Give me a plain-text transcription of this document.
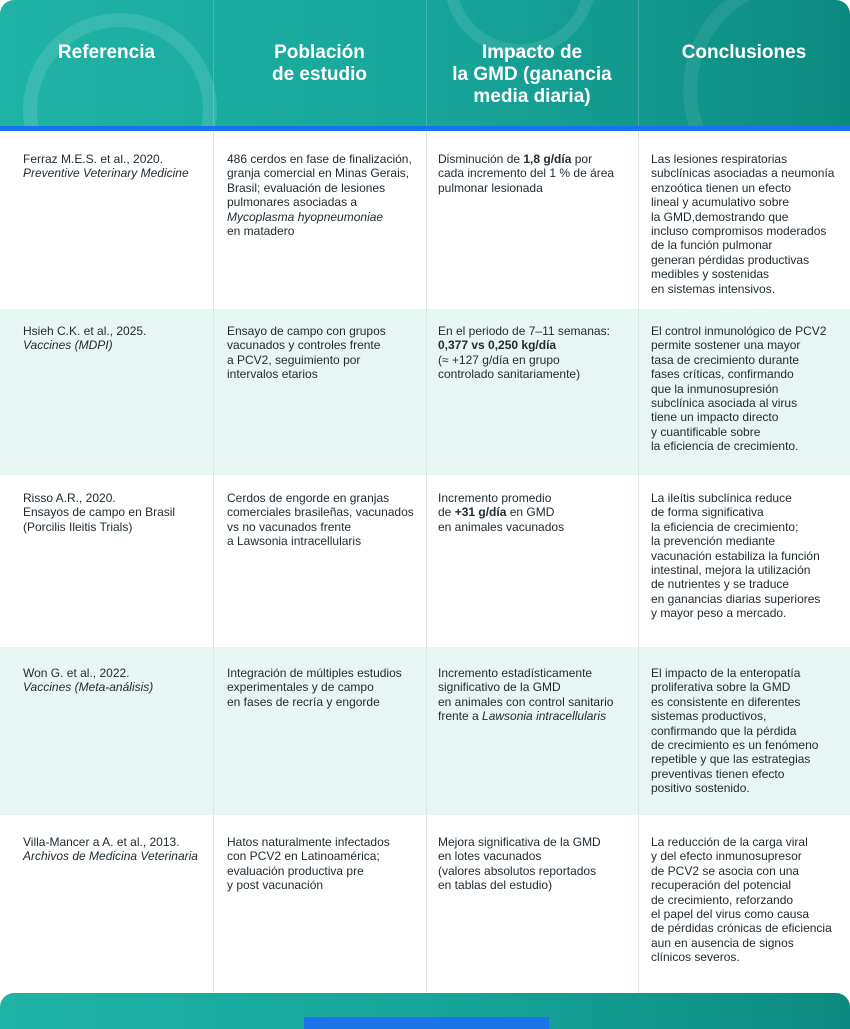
Referencia	Población
de estudio
Impacto de
la GMD (ganancia
media diaria)
Conclusiones
Ferraz M.E.S. et al., 2020.
Preventive Veterinary Medicine
486 cerdos en fase de finalización,
granja comercial en Minas Gerais,
Brasil; evaluación de lesiones
pulmonares asociadas a
Mycoplasma hyopneumoniae
en matadero
Disminución de 1,8 g/día por
cada incremento del 1 % de área
pulmonar lesionada
Las lesiones respiratorias
subclínicas asociadas a neumonía
enzoótica tienen un efecto
lineal y acumulativo sobre
la GMD,demostrando que
incluso compromisos moderados
de la función pulmonar
generan pérdidas productivas
medibles y sostenidas
en sistemas intensivos.
Hsieh C.K. et al., 2025.
Vaccines (MDPI)
Ensayo de campo con grupos
vacunados y controles frente
a PCV2, seguimiento por
intervalos etarios
En el periodo de 7–11 semanas:
0,377 vs 0,250 kg/día
(≈ +127 g/día en grupo
controlado sanitariamente)
El control inmunológico de PCV2
permite sostener una mayor
tasa de crecimiento durante
fases críticas, confirmando
que la inmunosupresión
subclínica asociada al virus
tiene un impacto directo
y cuantificable sobre
la eficiencia de crecimiento.
Risso A.R., 2020.
Ensayos de campo en Brasil
(Porcilis Ileitis Trials)
Cerdos de engorde en granjas
comerciales brasileñas, vacunados
vs no vacunados frente
a Lawsonia intracellularis
Incremento promedio
de +31 g/día en GMD
en animales vacunados
La ileítis subclínica reduce
de forma significativa
la eficiencia de crecimiento;
la prevención mediante
vacunación estabiliza la función
intestinal, mejora la utilización
de nutrientes y se traduce
en ganancias diarias superiores
y mayor peso a mercado.
Won G. et al., 2022.
Vaccines (Meta-análisis)
Integración de múltiples estudios
experimentales y de campo
en fases de recría y engorde
Incremento estadísticamente
significativo de la GMD
en animales con control sanitario
frente a Lawsonia intracellularis
El impacto de la enteropatía
proliferativa sobre la GMD
es consistente en diferentes
sistemas productivos,
confirmando que la pérdida
de crecimiento es un fenómeno
repetible y que las estrategias
preventivas tienen efecto
positivo sostenido.
Villa-Mancer a A. et al., 2013.
Archivos de Medicina Veterinaria
Hatos naturalmente infectados
con PCV2 en Latinoamérica;
evaluación productiva pre
y post vacunación
Mejora significativa de la GMD
en lotes vacunados
(valores absolutos reportados
en tablas del estudio)
La reducción de la carga viral
y del efecto inmunosupresor
de PCV2 se asocia con una
recuperación del potencial
de crecimiento, reforzando
el papel del virus como causa
de pérdidas crónicas de eficiencia
aun en ausencia de signos
clínicos severos.
